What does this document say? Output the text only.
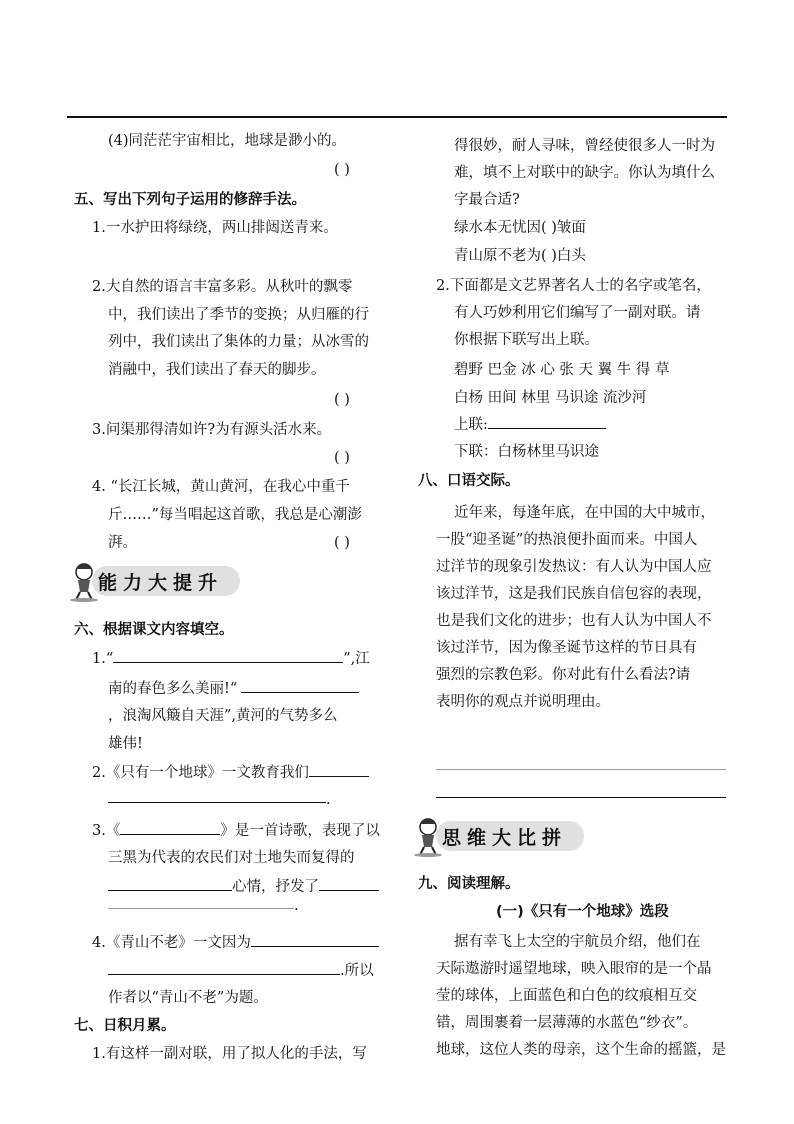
(4)同茫茫宇宙相比，地球是渺小的。
( )
五、写出下列句子运用的修辞手法。
1.一水护田将绿绕，两山排闼送青来。
2.大自然的语言丰富多彩。从秋叶的飘零
中，我们读出了季节的变换；从归雁的行
列中，我们读出了集体的力量；从冰雪的
消融中，我们读出了春天的脚步。
( )
3.问渠那得清如许?为有源头活水来。
( )
4. “长江长城，黄山黄河，在我心中重千
斤……”每当唱起这首歌，我总是心潮澎
湃。	( )
能力大提升
六、根据课文内容填空。
1.“	”,江
南的春色多么美丽!“
，浪淘风簸自天涯”,黄河的气势多么
雄伟!
2.《只有一个地球》一文教育我们
.
3.《	》是一首诗歌，表现了以
三黑为代表的农民们对土地失而复得的
心情，抒发了
.
4.《青山不老》一文因为
.所以
作者以“青山不老”为题。
七、日积月累。
1.有这样一副对联，用了拟人化的手法，写
得很妙，耐人寻味，曾经使很多人一时为
难，填不上对联中的缺字。你认为填什么
字最合适?
绿水本无忧因( )皱面
青山原不老为( )白头
2.下面都是文艺界著名人士的名字或笔名，
有人巧妙利用它们编写了一副对联。请
你根据下联写出上联。
碧野 巴金 冰 心 张 天 翼 牛 得 草
白杨 田间 林里 马识途 流沙河
上联:
下联：白杨林里马识途
八、口语交际。
近年来，每逢年底，在中国的大中城市，
一股“迎圣诞”的热浪便扑面而来。中国人
过洋节的现象引发热议：有人认为中国人应
该过洋节，这是我们民族自信包容的表现，
也是我们文化的进步；也有人认为中国人不
该过洋节，因为像圣诞节这样的节日具有
强烈的宗教色彩。你对此有什么看法?请
表明你的观点并说明理由。
思维大比拼
九、阅读理解。
(一)《只有一个地球》选段
据有幸飞上太空的宇航员介绍，他们在
天际遨游时遥望地球，映入眼帘的是一个晶
莹的球体，上面蓝色和白色的纹痕相互交
错，周围裹着一层薄薄的水蓝色“纱衣”。
地球，这位人类的母亲，这个生命的摇篮，是
